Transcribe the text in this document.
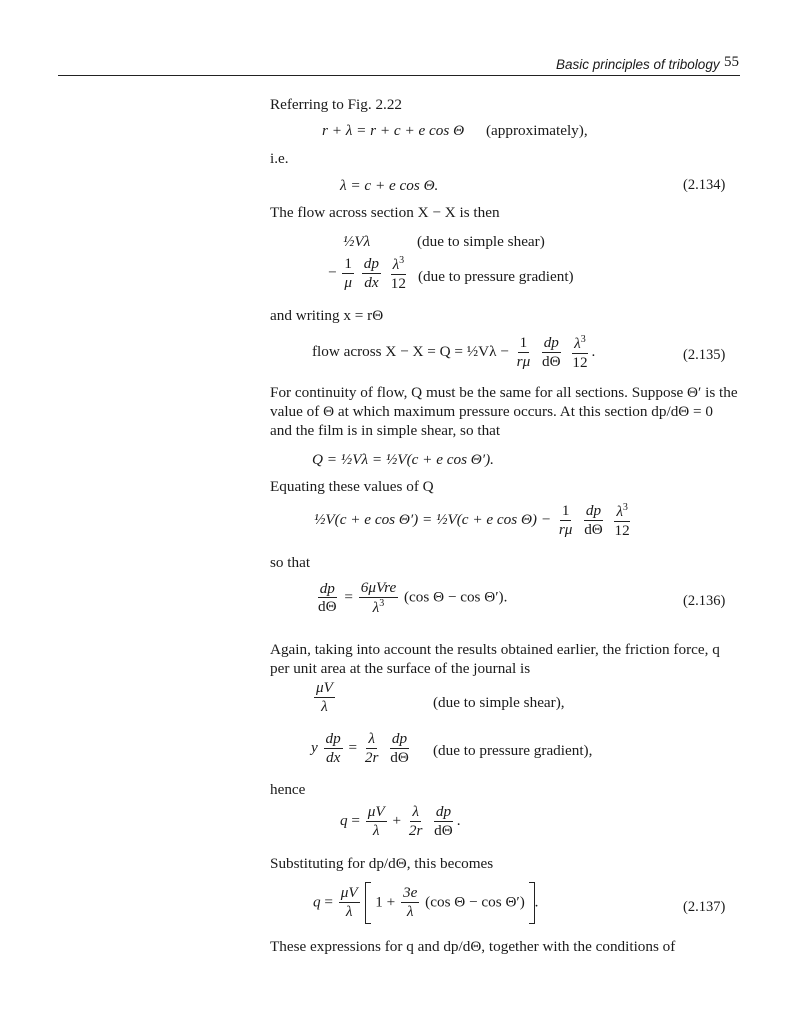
Basic principles of tribology 55
Referring to Fig. 2.22
r + λ = r + c + e cos Θ (approximately),
i.e.
λ = c + e cos Θ.	(2.134)
The flow across section X − X is then
½Vλ	(due to simple shear)
− $\frac{1}{\mu}$
$\frac{dp}{dx}$
$\frac{\lambda^3}{12} (due$ to pressure gradient)
and writing x = rΘ
flow across X − X = Q = ½Vλ − $\frac{1}{r\mu}$
$\frac{dp}{d\Theta}$
$\frac{\lambda^3}{12}$ .	(2.135)
For continuity of flow, Q must be the same for all sections. Suppose Θ′ is the
value of Θ at which maximum pressure occurs. At this section dp/dΘ = 0
and the film is in simple shear, so that
Q = ½Vλ = ½V(c + e cos Θ′).
Equating these values of Q
½V(c + e cos Θ′) = ½V(c + e $\cos \Theta) - \frac{1}{r\mu}$
$\frac{dp}{d\Theta}$
$\frac{\lambda^3}{12}$
so that
$\frac{dp}{d\Theta} = \frac{\text{6μVre}}{\lambda^3} (\cos$ Θ − cos Θ′).	(2.136)
Again, taking into account the results obtained earlier, the friction force, q
per unit area at the surface of the journal is
$\frac{\mu V}{\lambda}$	(due to simple shear),
y $\frac{dp}{dx} = \frac{\lambda}{2r}$
$\frac{dp}{d\Theta} (due$ to pressure gradient),
hence
$q = \frac{\mu V}{\lambda} + \frac{\lambda}{2r}$
$\frac{dp}{d\Theta}$ .
Substituting for dp/dΘ, this becomes
$q = \frac{\mu V}{\lambda} 1 + \frac{3e}{\lambda} (\cos$ Θ − cos Θ′) .	(2.137)
These expressions for q and dp/dΘ, together with the conditions of
